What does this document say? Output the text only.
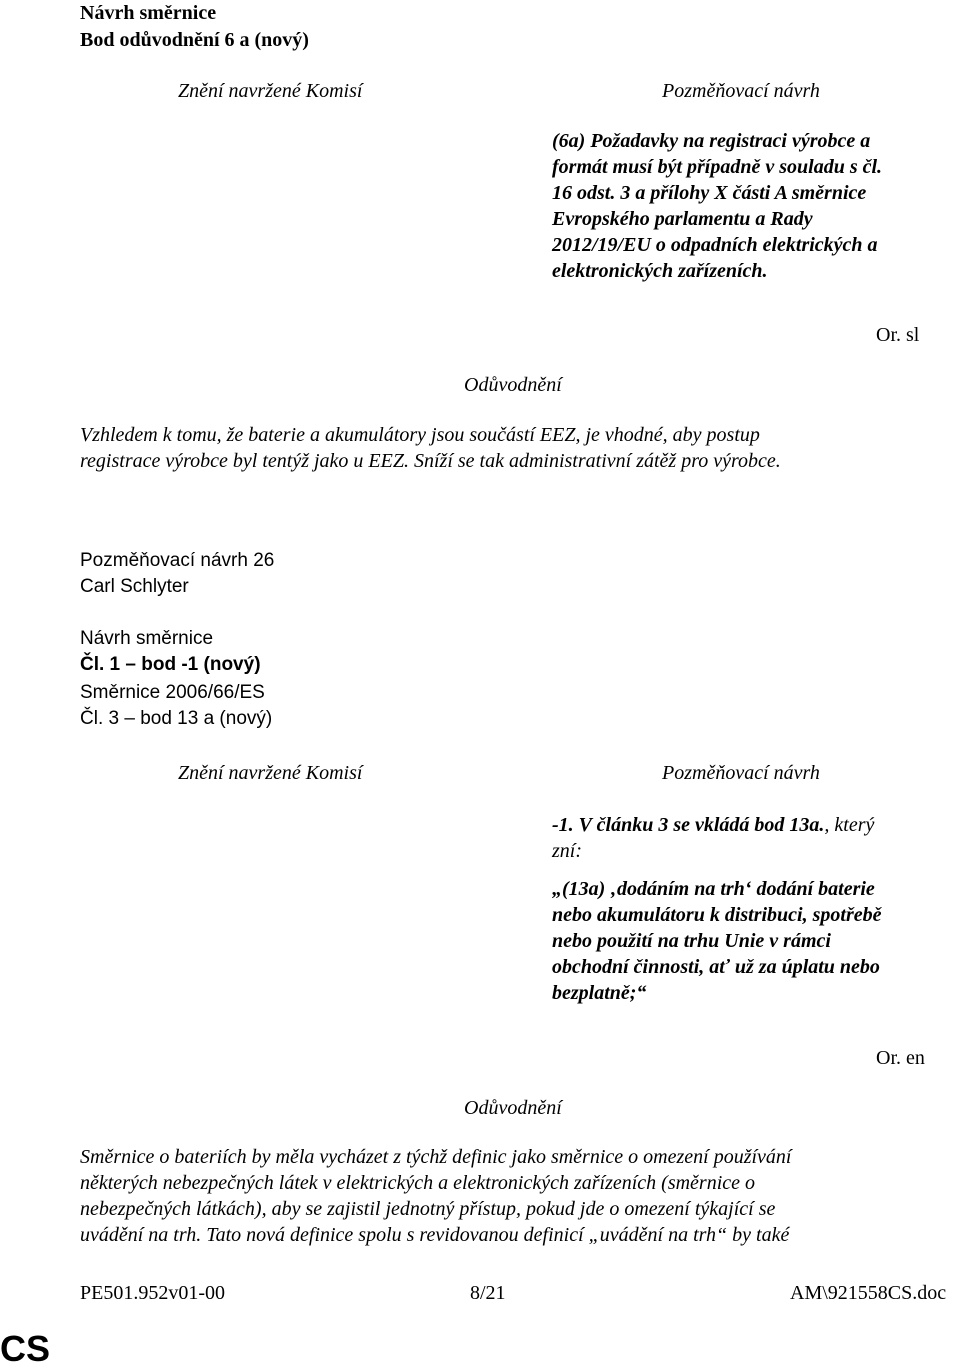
Návrh směrnice
Bod odůvodnění 6 a (nový)
Znění navržené Komisí	Pozměňovací návrh
(6a) Požadavky na registraci výrobce a
formát musí být případně v souladu s čl.
16 odst. 3 a přílohy X části A směrnice
Evropského parlamentu a Rady
2012/19/EU o odpadních elektrických a
elektronických zařízeních.
Or. sl
Odůvodnění
Vzhledem k tomu, že baterie a akumulátory jsou součástí EEZ, je vhodné, aby postup
registrace výrobce byl tentýž jako u EEZ. Sníží se tak administrativní zátěž pro výrobce.
Pozměňovací návrh 26
Carl Schlyter
Návrh směrnice
Čl. 1 – bod -1 (nový)
Směrnice 2006/66/ES
Čl. 3 – bod 13 a (nový)
Znění navržené Komisí	Pozměňovací návrh
-1. V článku 3 se vkládá bod 13a., který
zní:
„(13a) ‚dodáním na trh‘ dodání baterie
nebo akumulátoru k distribuci, spotřebě
nebo použití na trhu Unie v rámci
obchodní činnosti, ať už za úplatu nebo
bezplatně;“
Or. en
Odůvodnění
Směrnice o bateriích by měla vycházet z týchž definic jako směrnice o omezení používání
některých nebezpečných látek v elektrických a elektronických zařízeních (směrnice o
nebezpečných látkách), aby se zajistil jednotný přístup, pokud jde o omezení týkající se
uvádění na trh. Tato nová definice spolu s revidovanou definicí „uvádění na trh“ by také
PE501.952v01-00	8/21	AM\921558CS.doc
CS
